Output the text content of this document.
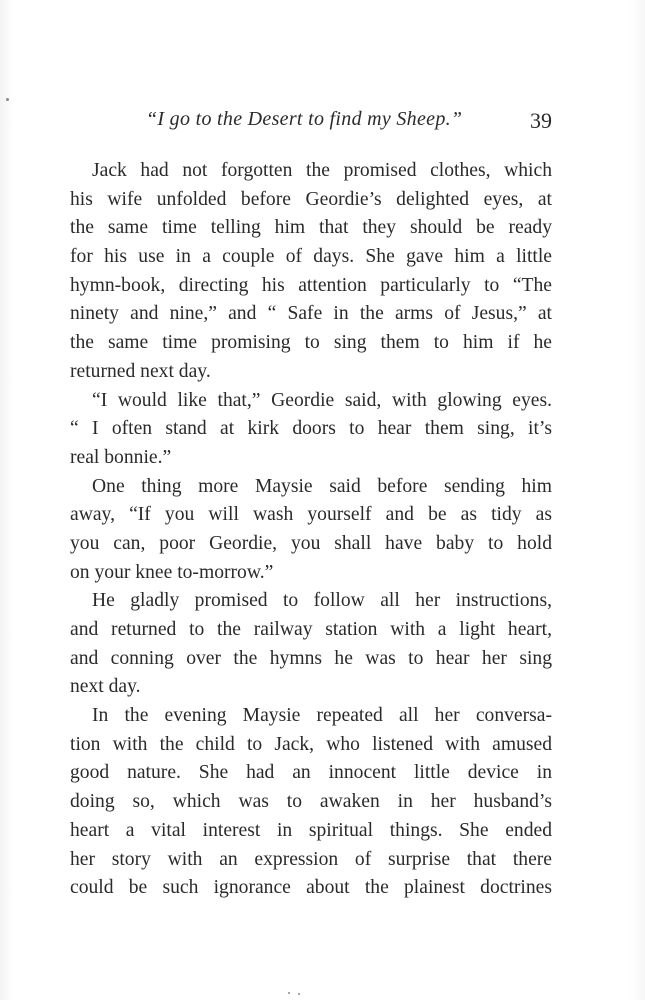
“I go to the Desert to find my Sheep.”	39
Jack had not forgotten the promised clothes, which
his wife unfolded before Geordie’s delighted eyes, at
the same time telling him that they should be ready
for his use in a couple of days. She gave him a little
hymn-book, directing his attention particularly to “The
ninety and nine,” and “ Safe in the arms of Jesus,” at
the same time promising to sing them to him if he
returned next day.
“I would like that,” Geordie said, with glowing eyes.
“ I often stand at kirk doors to hear them sing, it’s
real bonnie.”
One thing more Maysie said before sending him
away, “If you will wash yourself and be as tidy as
you can, poor Geordie, you shall have baby to hold
on your knee to-morrow.”
He gladly promised to follow all her instructions,
and returned to the railway station with a light heart,
and conning over the hymns he was to hear her sing
next day.
In the evening Maysie repeated all her conversa-
tion with the child to Jack, who listened with amused
good nature. She had an innocent little device in
doing so, which was to awaken in her husband’s
heart a vital interest in spiritual things. She ended
her story with an expression of surprise that there
could be such ignorance about the plainest doctrines
